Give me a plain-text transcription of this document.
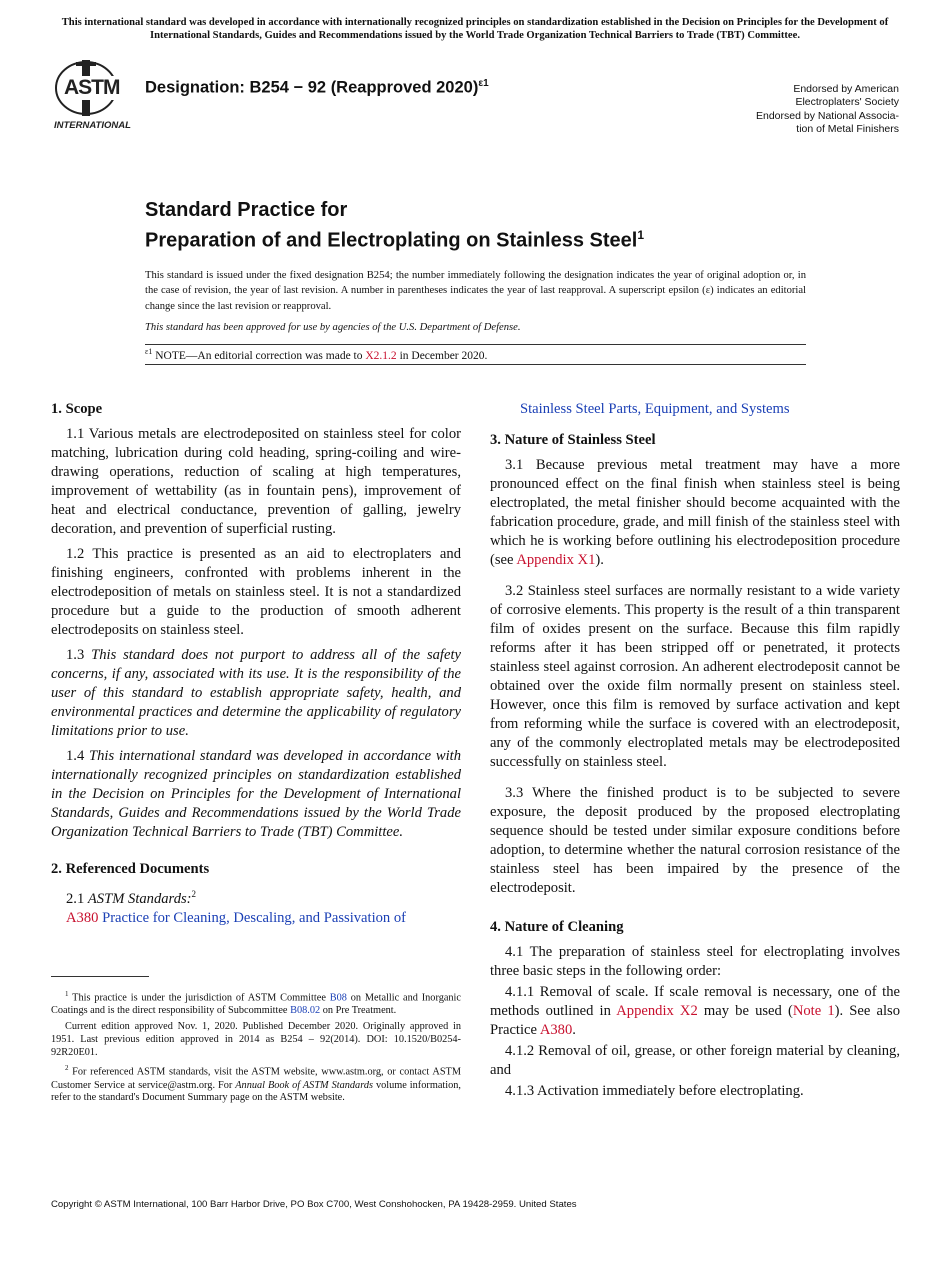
This international standard was developed in accordance with internationally recognized principles on standardization established in the Decision on Principles for the Development of International Standards, Guides and Recommendations issued by the World Trade Organization Technical Barriers to Trade (TBT) Committee.
ASTM
INTERNATIONAL
Designation: B254 − 92 (Reapproved 2020)$^{\varepsilon 1}$	Endorsed by American
Electroplaters' Society
Endorsed by National Associa-
tion of Metal Finishers
Standard Practice for
Preparation of and Electroplating on Stainless Steel$^1$
This standard is issued under the fixed designation B254; the number immediately following the designation indicates the year of original adoption or, in the case of revision, the year of last revision. A number in parentheses indicates the year of last reapproval. A superscript epsilon (ε) indicates an editorial change since the last revision or reapproval.
This standard has been approved for use by agencies of the U.S. Department of Defense.
$^{\varepsilon 1}$ NOTE—An editorial correction was made to X2.1.2 in December 2020.
1. Scope

1.1 Various metals are electrodeposited on stainless steel for color matching, lubrication during cold heading, spring-coiling and wire-drawing operations, reduction of scaling at high temperatures, improvement of wettability (as in fountain pens), improvement of heat and electrical conductance, prevention of galling, jewelry decoration, and prevention of superficial rusting.

1.2 This practice is presented as an aid to electroplaters and finishing engineers, confronted with problems inherent in the electrodeposition of metals on stainless steel. It is not a standardized procedure but a guide to the production of smooth adherent electrodeposits on stainless steel.

1.3 This standard does not purport to address all of the safety concerns, if any, associated with its use. It is the responsibility of the user of this standard to establish appropriate safety, health, and environmental practices and determine the applicability of regulatory limitations prior to use.

1.4 This international standard was developed in accordance with internationally recognized principles on standardization established in the Decision on Principles for the Development of International Standards, Guides and Recommendations issued by the World Trade Organization Technical Barriers to Trade (TBT) Committee.

2. Referenced Documents

2.1 ASTM Standards:$^2$

A380 Practice for Cleaning, Descaling, and Passivation of

Stainless Steel Parts, Equipment, and Systems

3. Nature of Stainless Steel

3.1 Because previous metal treatment may have a more pronounced effect on the final finish when stainless steel is being electroplated, the metal finisher should become acquainted with the fabrication procedure, grade, and mill finish of the stainless steel with which he is working before outlining his electrodeposition procedure (see Appendix X1).

3.2 Stainless steel surfaces are normally resistant to a wide variety of corrosive elements. This property is the result of a thin transparent film of oxides present on the surface. Because this film rapidly reforms after it has been stripped off or penetrated, it protects stainless steel against corrosion. An adherent electrodeposit cannot be obtained over the oxide film normally present on stainless steel. However, once this film is removed by surface activation and kept from reforming while the surface is covered with an electrodeposit, any of the commonly electroplated metals may be electrodeposited successfully on stainless steel.

3.3 Where the finished product is to be subjected to severe exposure, the deposit produced by the proposed electroplating sequence should be tested under similar exposure conditions before adoption, to determine whether the natural corrosion resistance of the stainless steel has been impaired by the presence of the electrodeposit.

4. Nature of Cleaning

4.1 The preparation of stainless steel for electroplating involves three basic steps in the following order:

4.1.1 Removal of scale. If scale removal is necessary, one of the methods outlined in Appendix X2 may be used (Note 1). See also Practice A380.

4.1.2 Removal of oil, grease, or other foreign material by cleaning, and

4.1.3 Activation immediately before electroplating.

$^1$ This practice is under the jurisdiction of ASTM Committee B08 on Metallic and Inorganic Coatings and is the direct responsibility of Subcommittee B08.02 on Pre Treatment.

Current edition approved Nov. 1, 2020. Published December 2020. Originally approved in 1951. Last previous edition approved in 2014 as B254 – 92(2014). DOI: 10.1520/B0254-92R20E01.

$^2$ For referenced ASTM standards, visit the ASTM website, www.astm.org, or contact ASTM Customer Service at service@astm.org. For Annual Book of ASTM Standards volume information, refer to the standard's Document Summary page on the ASTM website.

Copyright © ASTM International, 100 Barr Harbor Drive, PO Box C700, West Conshohocken, PA 19428-2959. United States
